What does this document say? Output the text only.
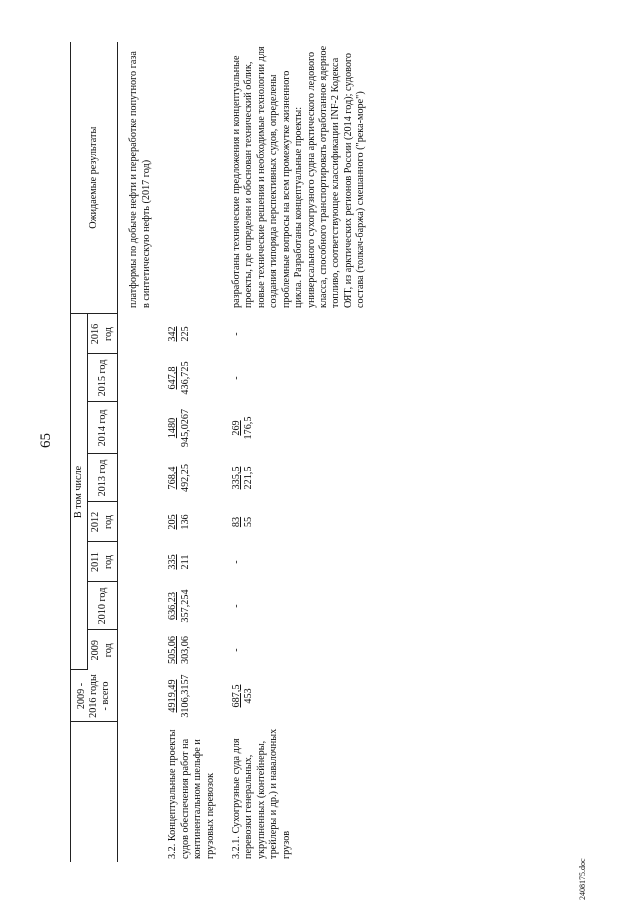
65
2408175.doc
	2009 - 2016 годы - всего	В том числе								Ожидаемые результаты
		2009 год	2010 год	2011 год	2012 год	2013 год	2014 год	2015 год	2016 год	
										платформы по добыче нефти и переработке попутного газа в синтетическую нефть (2017 год)

3.2. Концептуальные проекты судов обеспечения работ на континентальном шельфе и грузовых перевозок	4919,49 3106,3157	505,06 303,06	636,23 357,254	335 211	205 136	768,4 492,25	1480 945,0267	647,8 436,725	342 225	

3.2.1. Сухогрузные суда для перевозки генеральных, укрупненных (контейнеры, трейлеры и др.) и навалочных грузов	687,5 453	-	-	-	83 55	335,5 221,5	269 176,5	-	-	разработаны технические предложения и концептуальные проекты, где определен и обоснован технический облик, новые технические решения и необходимые технологии для создания типоряда перспективных судов, определены проблемные вопросы на всем промежутке жизненного цикла. Разработаны концептуальные проекты: универсального сухогрузного судна арктического ледового класса, способного транспортировать отработанное ядерное топливо, соответствующее классификации INF-2 Кодекса ОЯТ, из арктических регионов России (2014 год); судового состава (толкач-баржа) смешанного ("река-море")
